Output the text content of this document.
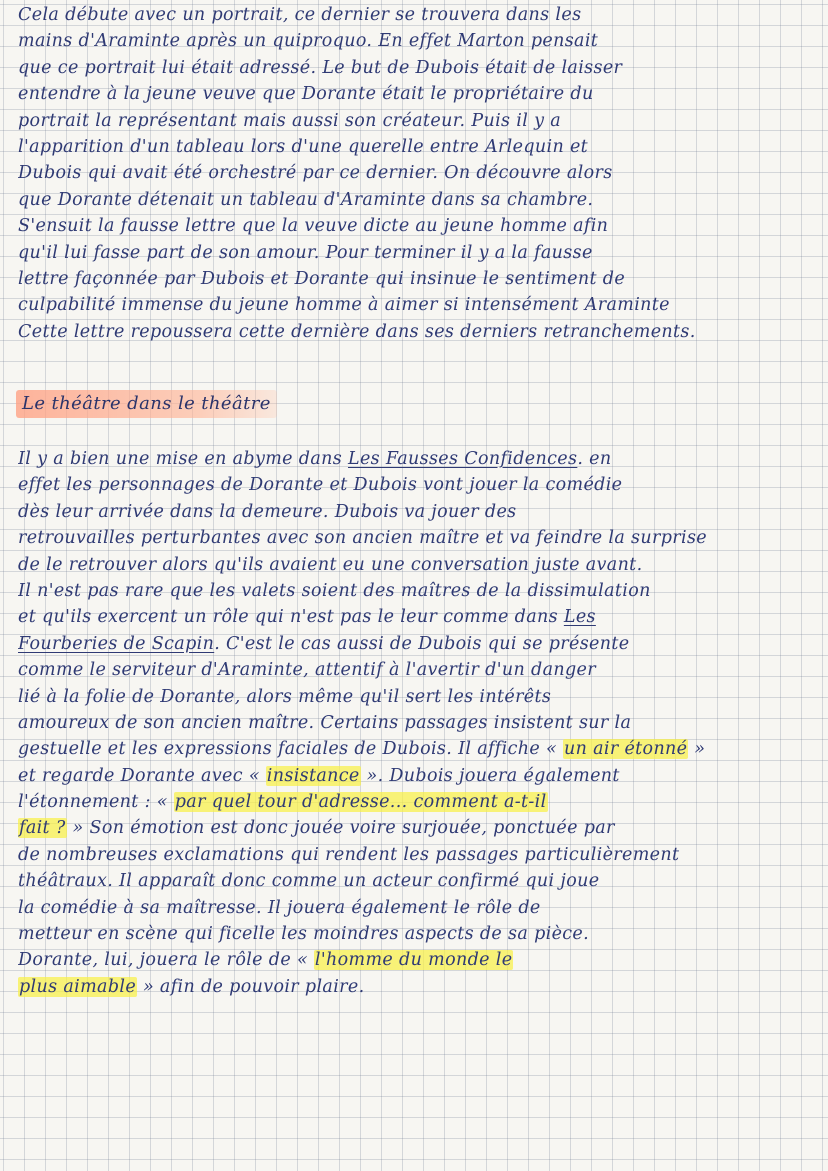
Cela débute avec un portrait, ce dernier se trouvera dans les
mains d'Araminte après un quiproquo. En effet Marton pensait
que ce portrait lui était adressé. Le but de Dubois était de laisser
entendre à la jeune veuve que Dorante était le propriétaire du
portrait la représentant mais aussi son créateur. Puis il y a
l'apparition d'un tableau lors d'une querelle entre Arlequin et
Dubois qui avait été orchestré par ce dernier. On découvre alors
que Dorante détenait un tableau d'Araminte dans sa chambre.
S'ensuit la fausse lettre que la veuve dicte au jeune homme afin
qu'il lui fasse part de son amour. Pour terminer il y a la fausse
lettre façonnée par Dubois et Dorante qui insinue le sentiment de
culpabilité immense du jeune homme à aimer si intensément Araminte
Cette lettre repoussera cette dernière dans ses derniers retranchements.
Le théâtre dans le théâtre
Il y a bien une mise en abyme dans Les Fausses Confidences. en
effet les personnages de Dorante et Dubois vont jouer la comédie
dès leur arrivée dans la demeure. Dubois va jouer des
retrouvailles perturbantes avec son ancien maître et va feindre la surprise
de le retrouver alors qu'ils avaient eu une conversation juste avant.
Il n'est pas rare que les valets soient des maîtres de la dissimulation
et qu'ils exercent un rôle qui n'est pas le leur comme dans Les
Fourberies de Scapin. C'est le cas aussi de Dubois qui se présente
comme le serviteur d'Araminte, attentif à l'avertir d'un danger
lié à la folie de Dorante, alors même qu'il sert les intérêts
amoureux de son ancien maître. Certains passages insistent sur la
gestuelle et les expressions faciales de Dubois. Il affiche « un air étonné »
et regarde Dorante avec « insistance ». Dubois jouera également
l'étonnement : « par quel tour d'adresse... comment a-t-il
fait ? » Son émotion est donc jouée voire surjouée, ponctuée par
de nombreuses exclamations qui rendent les passages particulièrement
théâtraux. Il apparaît donc comme un acteur confirmé qui joue
la comédie à sa maîtresse. Il jouera également le rôle de
metteur en scène qui ficelle les moindres aspects de sa pièce.
Dorante, lui, jouera le rôle de « l'homme du monde le
plus aimable » afin de pouvoir plaire.
